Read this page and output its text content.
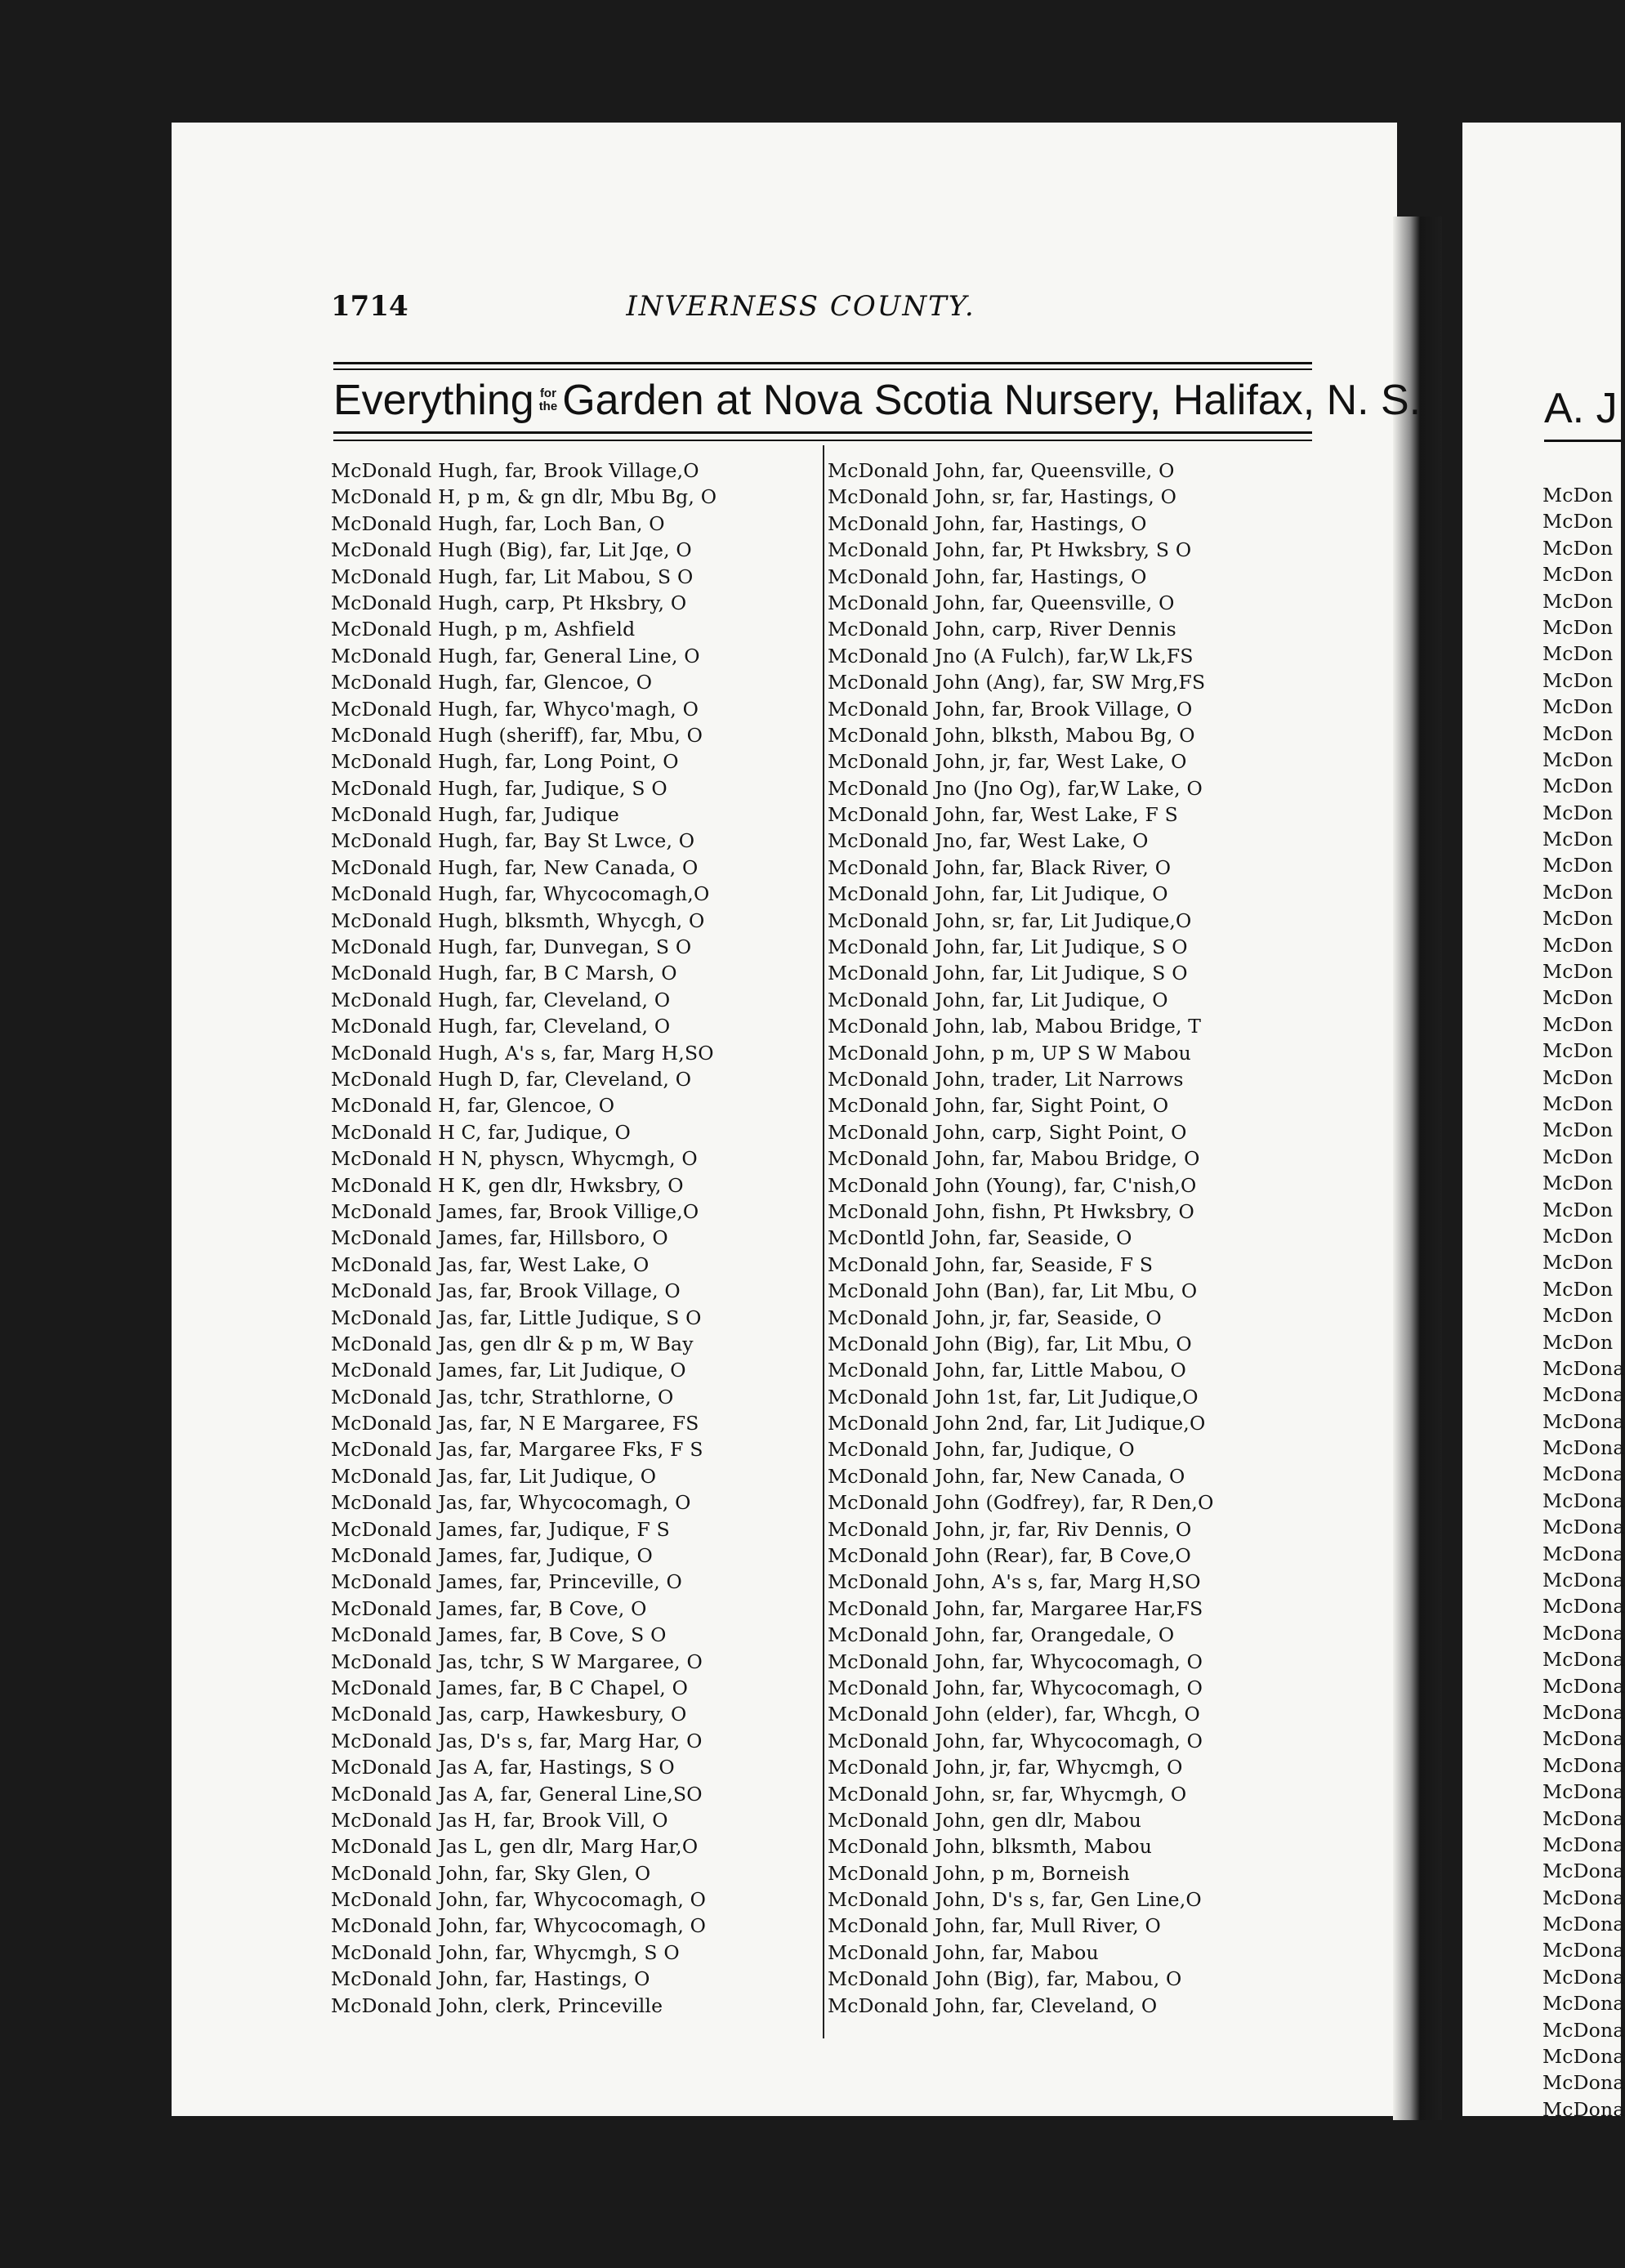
1714	INVERNESS COUNTY.
Everything for
the Garden at Nova Scotia Nursery, Halifax, N. S.
McDonald Hugh, far, Brook Village,O
McDonald H, p m, & gn dlr, Mbu Bg, O
McDonald Hugh, far, Loch Ban, O
McDonald Hugh (Big), far, Lit Jqe, O
McDonald Hugh, far, Lit Mabou, S O
McDonald Hugh, carp, Pt Hksbry, O
McDonald Hugh, p m, Ashfield
McDonald Hugh, far, General Line, O
McDonald Hugh, far, Glencoe, O
McDonald Hugh, far, Whyco'magh, O
McDonald Hugh (sheriff), far, Mbu, O
McDonald Hugh, far, Long Point, O
McDonald Hugh, far, Judique, S O
McDonald Hugh, far, Judique
McDonald Hugh, far, Bay St Lwce, O
McDonald Hugh, far, New Canada, O
McDonald Hugh, far, Whycocomagh,O
McDonald Hugh, blksmth, Whycgh, O
McDonald Hugh, far, Dunvegan, S O
McDonald Hugh, far, B C Marsh, O
McDonald Hugh, far, Cleveland, O
McDonald Hugh, far, Cleveland, O
McDonald Hugh, A's s, far, Marg H,SO
McDonald Hugh D, far, Cleveland, O
McDonald H, far, Glencoe, O
McDonald H C, far, Judique, O
McDonald H N, physcn, Whycmgh, O
McDonald H K, gen dlr, Hwksbry, O
McDonald James, far, Brook Villige,O
McDonald James, far, Hillsboro, O
McDonald Jas, far, West Lake, O
McDonald Jas, far, Brook Village, O
McDonald Jas, far, Little Judique, S O
McDonald Jas, gen dlr & p m, W Bay
McDonald James, far, Lit Judique, O
McDonald Jas, tchr, Strathlorne, O
McDonald Jas, far, N E Margaree, FS
McDonald Jas, far, Margaree Fks, F S
McDonald Jas, far, Lit Judique, O
McDonald Jas, far, Whycocomagh, O
McDonald James, far, Judique, F S
McDonald James, far, Judique, O
McDonald James, far, Princeville, O
McDonald James, far, B Cove, O
McDonald James, far, B Cove, S O
McDonald Jas, tchr, S W Margaree, O
McDonald James, far, B C Chapel, O
McDonald Jas, carp, Hawkesbury, O
McDonald Jas, D's s, far, Marg Har, O
McDonald Jas A, far, Hastings, S O
McDonald Jas A, far, General Line,SO
McDonald Jas H, far, Brook Vill, O
McDonald Jas L, gen dlr, Marg Har,O
McDonald John, far, Sky Glen, O
McDonald John, far, Whycocomagh, O
McDonald John, far, Whycocomagh, O
McDonald John, far, Whycmgh, S O
McDonald John, far, Hastings, O
McDonald John, clerk, Princeville
McDonald John, far, Queensville, O
McDonald John, sr, far, Hastings, O
McDonald John, far, Hastings, O
McDonald John, far, Pt Hwksbry, S O
McDonald John, far, Hastings, O
McDonald John, far, Queensville, O
McDonald John, carp, River Dennis
McDonald Jno (A Fulch), far,W Lk,FS
McDonald John (Ang), far, SW Mrg,FS
McDonald John, far, Brook Village, O
McDonald John, blksth, Mabou Bg, O
McDonald John, jr, far, West Lake, O
McDonald Jno (Jno Og), far,W Lake, O
McDonald John, far, West Lake, F S
McDonald Jno, far, West Lake, O
McDonald John, far, Black River, O
McDonald John, far, Lit Judique, O
McDonald John, sr, far, Lit Judique,O
McDonald John, far, Lit Judique, S O
McDonald John, far, Lit Judique, S O
McDonald John, far, Lit Judique, O
McDonald John, lab, Mabou Bridge, T
McDonald John, p m, UP S W Mabou
McDonald John, trader, Lit Narrows
McDonald John, far, Sight Point, O
McDonald John, carp, Sight Point, O
McDonald John, far, Mabou Bridge, O
McDonald John (Young), far, C'nish,O
McDonald John, fishn, Pt Hwksbry, O
McDontld John, far, Seaside, O
McDonald John, far, Seaside, F S
McDonald John (Ban), far, Lit Mbu, O
McDonald John, jr, far, Seaside, O
McDonald John (Big), far, Lit Mbu, O
McDonald John, far, Little Mabou, O
McDonald John 1st, far, Lit Judique,O
McDonald John 2nd, far, Lit Judique,O
McDonald John, far, Judique, O
McDonald John, far, New Canada, O
McDonald John (Godfrey), far, R Den,O
McDonald John, jr, far, Riv Dennis, O
McDonald John (Rear), far, B Cove,O
McDonald John, A's s, far, Marg H,SO
McDonald John, far, Margaree Har,FS
McDonald John, far, Orangedale, O
McDonald John, far, Whycocomagh, O
McDonald John, far, Whycocomagh, O
McDonald John (elder), far, Whcgh, O
McDonald John, far, Whycocomagh, O
McDonald John, jr, far, Whycmgh, O
McDonald John, sr, far, Whycmgh, O
McDonald John, gen dlr, Mabou
McDonald John, blksmth, Mabou
McDonald John, p m, Borneish
McDonald John, D's s, far, Gen Line,O
McDonald John, far, Mull River, O
McDonald John, far, Mabou
McDonald John (Big), far, Mabou, O
McDonald John, far, Cleveland, O
A. J
McDon
McDon
McDon
McDon
McDon
McDon
McDon
McDon
McDon
McDon
McDon
McDon
McDon
McDon
McDon
McDon
McDon
McDon
McDon
McDon
McDon
McDon
McDon
McDon
McDon
McDon
McDon
McDon
McDon
McDon
McDon
McDon
McDon
McDona
McDona
McDona
McDona
McDona
McDona
McDona
McDona
McDona
McDona
McDona
McDona
McDona
McDona
McDona
McDona
McDona
McDona
McDona
McDona
McDona
McDona
McDona
McDona
McDona
McDona
McDona
McDona
McDona
